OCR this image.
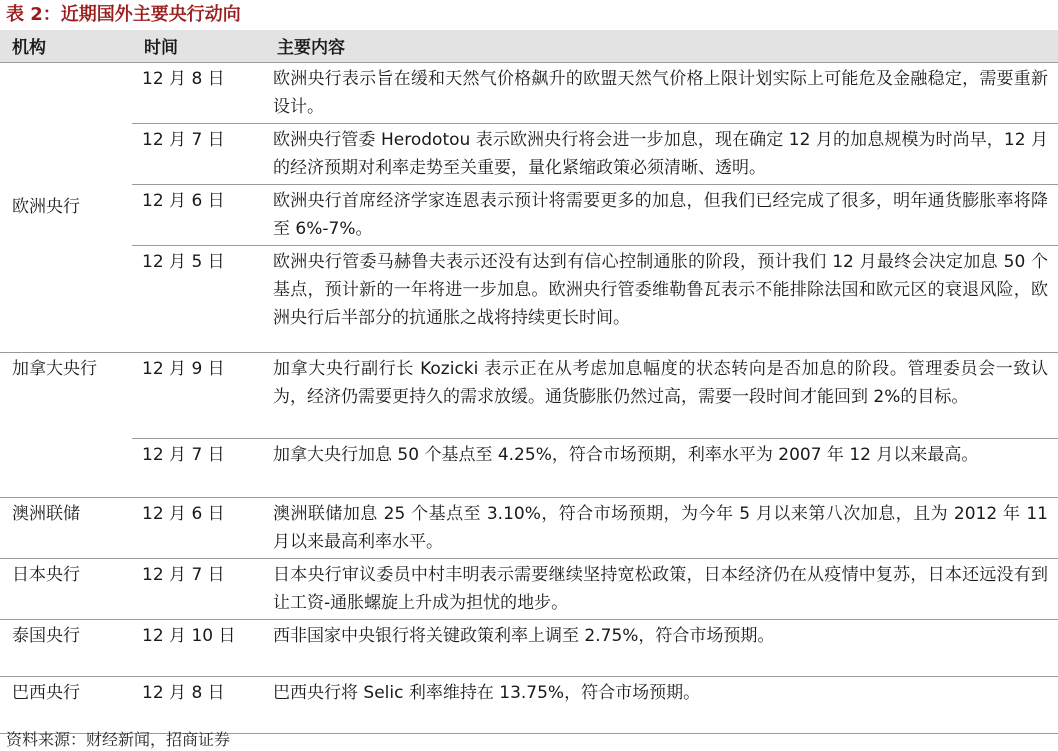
表 2：近期国外主要央行动向
机构	时间	主要内容
欧洲央行	12 月 8 日	欧洲央行表示旨在缓和天然气价格飙升的欧盟天然气价格上限计划实际上可能危及金融稳定，需要重新设计。
	12 月 7 日	欧洲央行管委 Herodotou 表示欧洲央行将会进一步加息，现在确定 12 月的加息规模为时尚早，12 月的经济预期对利率走势至关重要，量化紧缩政策必须清晰、透明。
	12 月 6 日	欧洲央行首席经济学家连恩表示预计将需要更多的加息，但我们已经完成了很多，明年通货膨胀率将降至 6%-7%。
	12 月 5 日	欧洲央行管委马赫鲁夫表示还没有达到有信心控制通胀的阶段，预计我们 12 月最终会决定加息 50 个基点，预计新的一年将进一步加息。欧洲央行管委维勒鲁瓦表示不能排除法国和欧元区的衰退风险，欧洲央行后半部分的抗通胀之战将持续更长时间。
加拿大央行	12 月 9 日	加拿大央行副行长 Kozicki 表示正在从考虑加息幅度的状态转向是否加息的阶段。管理委员会一致认为，经济仍需要更持久的需求放缓。通货膨胀仍然过高，需要一段时间才能回到 2%的目标。
	12 月 7 日	加拿大央行加息 50 个基点至 4.25%，符合市场预期，利率水平为 2007 年 12 月以来最高。
澳洲联储	12 月 6 日	澳洲联储加息 25 个基点至 3.10%，符合市场预期，为今年 5 月以来第八次加息，且为 2012 年 11 月以来最高利率水平。
日本央行	12 月 7 日	日本央行审议委员中村丰明表示需要继续坚持宽松政策，日本经济仍在从疫情中复苏，日本还远没有到让工资-通胀螺旋上升成为担忧的地步。
泰国央行	12 月 10 日	西非国家中央银行将关键政策利率上调至 2.75%，符合市场预期。
巴西央行	12 月 8 日	巴西央行将 Selic 利率维持在 13.75%，符合市场预期。
资料来源：财经新闻，招商证券
